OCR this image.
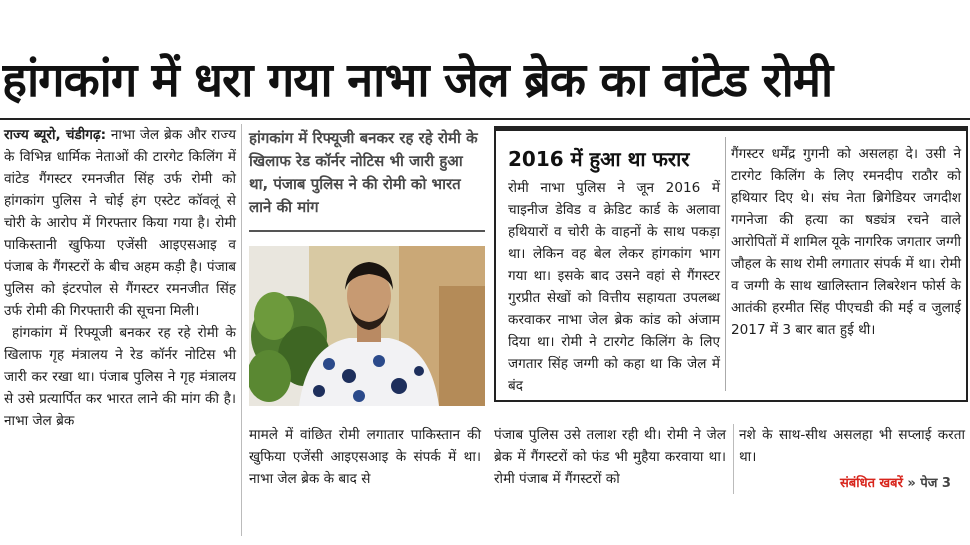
हांगकांग में धरा गया नाभा जेल ब्रेक का वांटेड रोमी

राज्य ब्यूरो, चंडीगढ़: नाभा जेल ब्रेक और राज्य के विभिन्न धार्मिक नेताओं की टारगेट किलिंग में वांटेड गैंगस्टर रमनजीत सिंह उर्फ रोमी को हांगकांग पुलिस ने चोई हंग एस्टेट कॉवलूं से चोरी के आरोप में गिरफ्तार किया गया है। रोमी पाकिस्तानी खुफिया एजेंसी आइएसआइ व पंजाब के गैंगस्टरों के बीच अहम कड़ी है। पंजाब पुलिस को इंटरपोल से गैंगस्टर रमनजीत सिंह उर्फ रोमी की गिरफ्तारी की सूचना मिली।

हांगकांग में रिफ्यूजी बनकर रह रहे रोमी के खिलाफ गृह मंत्रालय ने रेड कॉर्नर नोटिस भी जारी कर रखा था। पंजाब पुलिस ने गृह मंत्रालय से उसे प्रत्यार्पित कर भारत लाने की मांग की है। नाभा जेल ब्रेक

हांगकांग में रिफ्यूजी बनकर रह रहे रोमी के खिलाफ रेड कॉर्नर नोटिस भी जारी हुआ था, पंजाब पुलिस ने की रोमी को भारत लाने की मांग
मामले में वांछित रोमी लगातार पाकिस्तान की खुफिया एजेंसी आइएसआइ के संपर्क में था। नाभा जेल ब्रेक के बाद से
2016 में हुआ था फरार
रोमी नाभा पुलिस ने जून 2016 में चाइनीज डेविड व क्रेडिट कार्ड के अलावा हथियारों व चोरी के वाहनों के साथ पकड़ा था। लेकिन वह बेल लेकर हांगकांग भाग गया था। इसके बाद उसने वहां से गैंगस्टर गुरप्रीत सेखों को वित्तीय सहायता उपलब्ध करवाकर नाभा जेल ब्रेक कांड को अंजाम दिया था। रोमी ने टारगेट किलिंग के लिए जगतार सिंह जग्गी को कहा था कि जेल में बंद
गैंगस्टर धर्मेंद्र गुगनी को असलहा दे। उसी ने टारगेट किलिंग के लिए रमनदीप राठौर को हथियार दिए थे। संघ नेता ब्रिगेडियर जगदीश गगनेजा की हत्या का षड्यंत्र रचने वाले आरोपितों में शामिल यूके नागरिक जगतार जग्गी जौहल के साथ रोमी लगातार संपर्क में था। रोमी व जग्गी के साथ खालिस्तान लिबरेशन फोर्स के आतंकी हरमीत सिंह पीएचडी की मई व जुलाई 2017 में 3 बार बात हुई थी।
पंजाब पुलिस उसे तलाश रही थी। रोमी ने जेल ब्रेक में गैंगस्टरों को फंड भी मुहैया करवाया था। रोमी पंजाब में गैंगस्टरों को
नशे के साथ-सीथ असलहा भी सप्लाई करता था।
संबंधित खबरें » पेज 3
